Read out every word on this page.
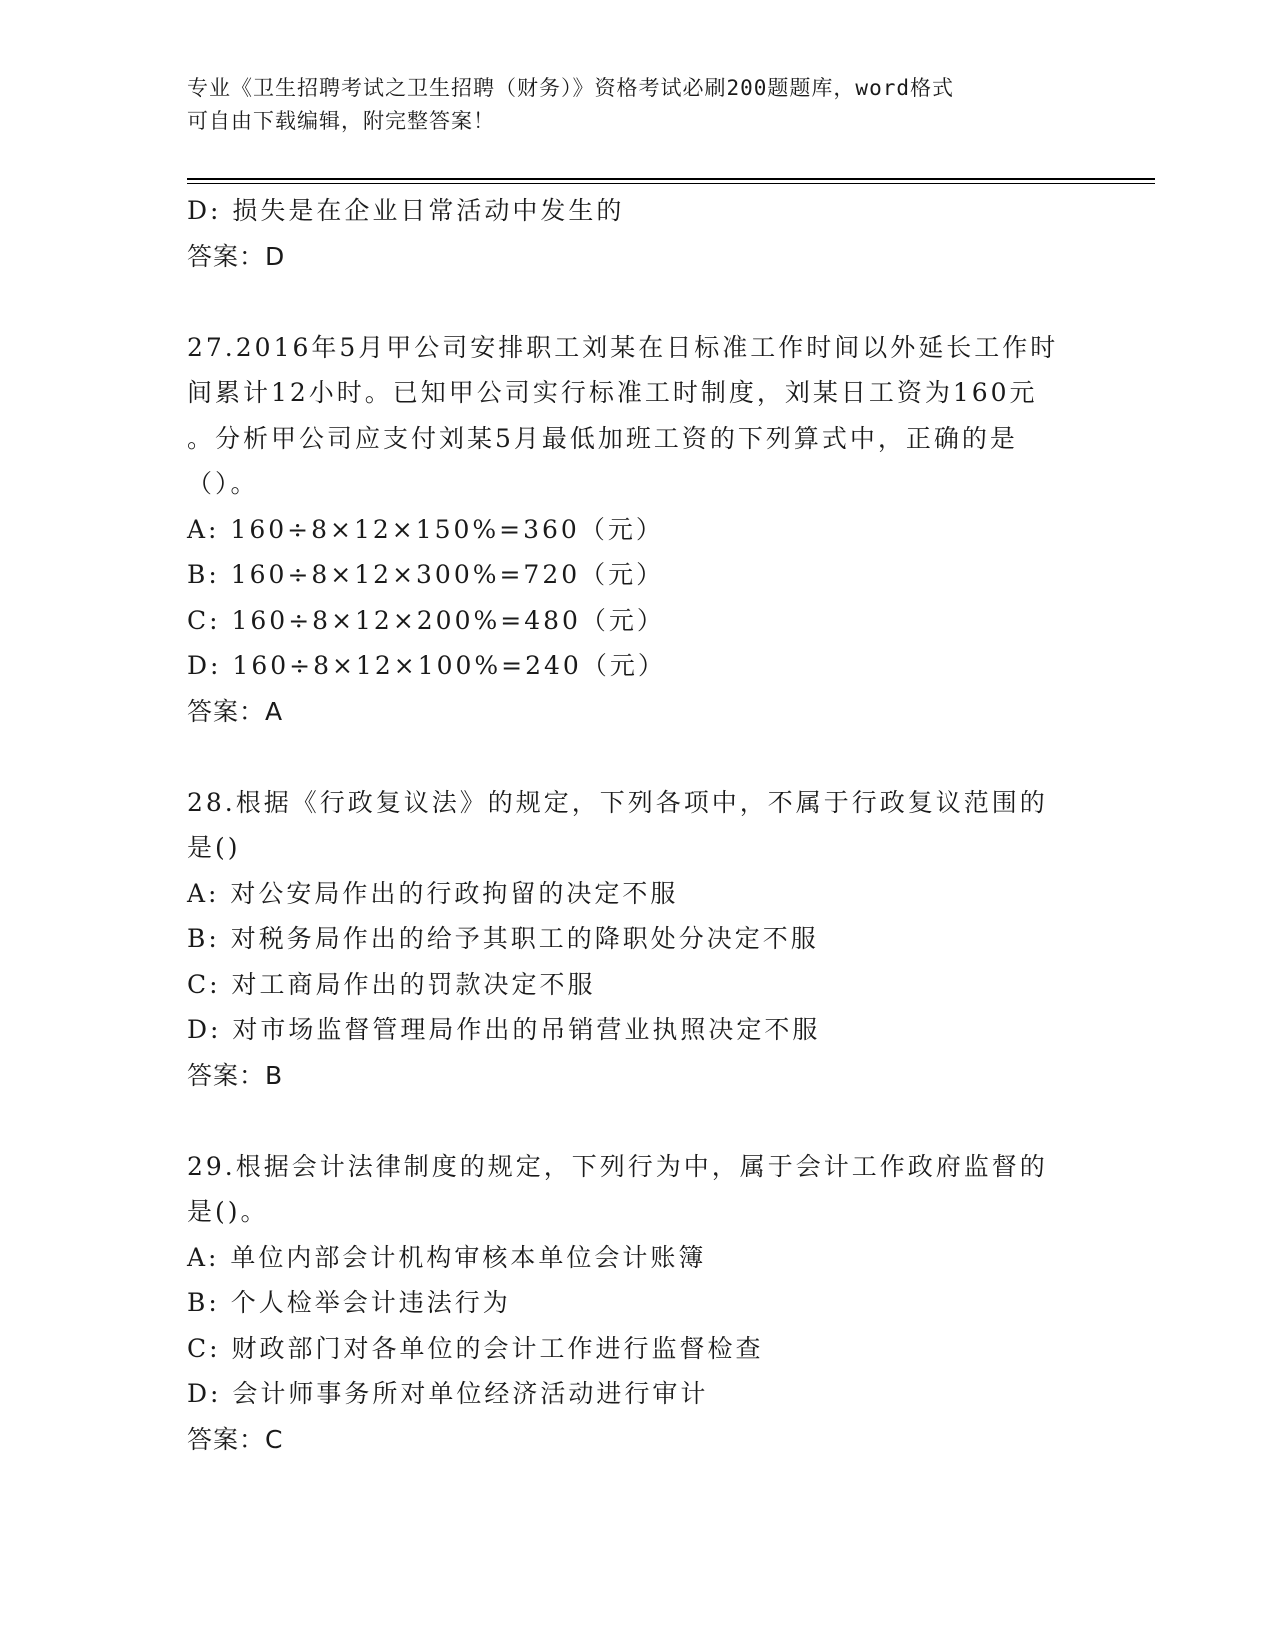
专业《卫生招聘考试之卫生招聘（财务）》资格考试必刷200题题库，word格式
可自由下载编辑，附完整答案！
D: 损失是在企业日常活动中发生的
答案：D
27.2016年5月甲公司安排职工刘某在日标准工作时间以外延长工作时
间累计12小时。已知甲公司实行标准工时制度，刘某日工资为160元
。分析甲公司应支付刘某5月最低加班工资的下列算式中，正确的是
（）。
A: 160÷8×12×150%=360（元）
B: 160÷8×12×300%=720（元）
C: 160÷8×12×200%=480（元）
D: 160÷8×12×100%=240（元）
答案：A
28.根据《行政复议法》的规定，下列各项中，不属于行政复议范围的
是()
A: 对公安局作出的行政拘留的决定不服
B: 对税务局作出的给予其职工的降职处分决定不服
C: 对工商局作出的罚款决定不服
D: 对市场监督管理局作出的吊销营业执照决定不服
答案：B
29.根据会计法律制度的规定，下列行为中，属于会计工作政府监督的
是()。
A: 单位内部会计机构审核本单位会计账簿
B: 个人检举会计违法行为
C: 财政部门对各单位的会计工作进行监督检查
D: 会计师事务所对单位经济活动进行审计
答案：C
